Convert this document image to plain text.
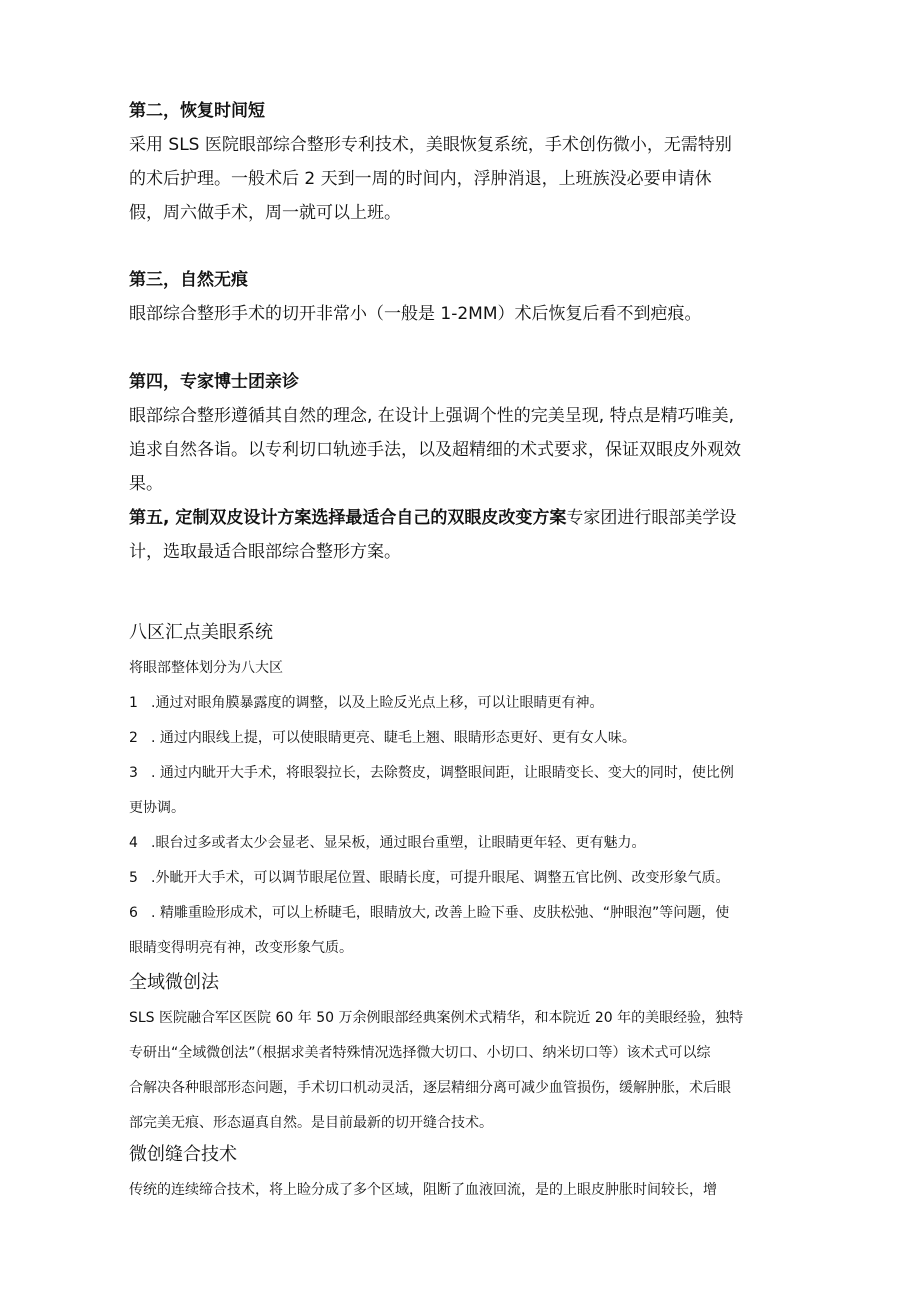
第二，恢复时间短
采用 SLS 医院眼部综合整形专利技术，美眼恢复系统，手术创伤微小，无需特别
的术后护理。一般术后 2 天到一周的时间内，浮肿消退，上班族没必要申请休
假，周六做手术，周一就可以上班。
第三，自然无痕
眼部综合整形手术的切开非常小（一般是 1-2MM）术后恢复后看不到疤痕。
第四，专家博士团亲诊
眼部综合整形遵循其自然的理念, 在设计上强调个性的完美呈现, 特点是精巧唯美,
追求自然各诣。以专利切口轨迹手法，以及超精细的术式要求，保证双眼皮外观效
果。
第五, 定制双皮设计方案选择最适合自己的双眼皮改变方案专家团进行眼部美学设
计，选取最适合眼部综合整形方案。
八区汇点美眼系统
将眼部整体划分为八大区
1 .通过对眼角膜暴露度的调整，以及上睑反光点上移，可以让眼睛更有神。
2 . 通过内眼线上提，可以使眼睛更亮、睫毛上翘、眼睛形态更好、更有女人味。
3 . 通过内眦开大手术，将眼裂拉长，去除赘皮，调整眼间距，让眼睛变长、变大的同时，使比例
更协调。
4 .眼台过多或者太少会显老、显呆板，通过眼台重塑，让眼睛更年轻、更有魅力。
5 .外眦开大手术，可以调节眼尾位置、眼睛长度，可提升眼尾、调整五官比例、改变形象气质。
6 . 精雕重睑形成术，可以上桥睫毛，眼睛放大, 改善上睑下垂、皮肤松弛、“肿眼泡”等问题，使
眼睛变得明亮有神，改变形象气质。
全域微创法
SLS 医院融合军区医院 60 年 50 万余例眼部经典案例术式精华，和本院近 20 年的美眼经验，独特
专研出“全域微创法”（根据求美者特殊情况选择微大切口、小切口、纳米切口等）该术式可以综
合解决各种眼部形态问题，手术切口机动灵活，逐层精细分离可减少血管损伤，缓解肿胀，术后眼
部完美无痕、形态逼真自然。是目前最新的切开缝合技术。
微创缝合技术
传统的连续缔合技术，将上睑分成了多个区域，阻断了血液回流，是的上眼皮肿胀时间较长，增
